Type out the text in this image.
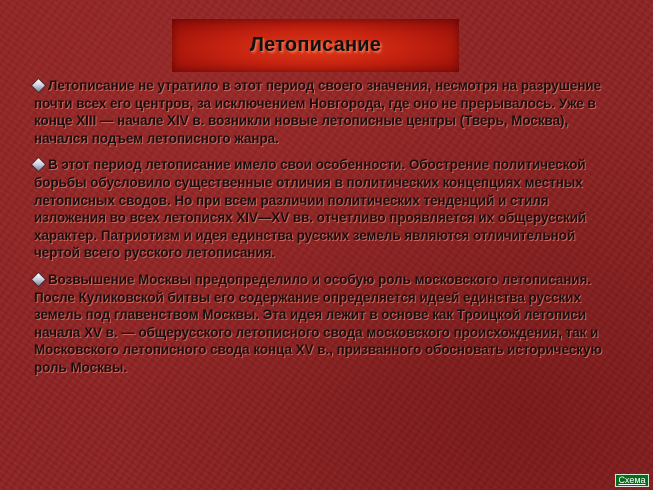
Летописание

Летописание не утратило в этот период своего значения, несмотря на разрушение почти всех его центров, за исключением Новгорода, где оно не прерывалось. Уже в конце XIII — начале XIV в. возникли новые летописные центры (Тверь, Москва), начался подъем летописного жанра.

В этот период летописание имело свои особенности. Обострение политической борьбы обусловило существенные отличия в политических концепциях местных летописных сводов. Но при всем различии политических тенденций и стиля изложения во всех летописях XIV—XV вв. отчетливо проявляется их общерусский характер. Патриотизм и идея единства русских земель являются отличительной чертой всего русского летописания.

Возвышение Москвы предопределило и особую роль московского летописания. После Куликовской битвы его содержание определяется идеей единства русских земель под главенством Москвы. Эта идея лежит в основе как Троицкой летописи начала XV в. — общерусского летописного свода московского происхождения, так и Московского летописного свода конца XV в., призванного обосновать историческую роль Москвы.

Схема
